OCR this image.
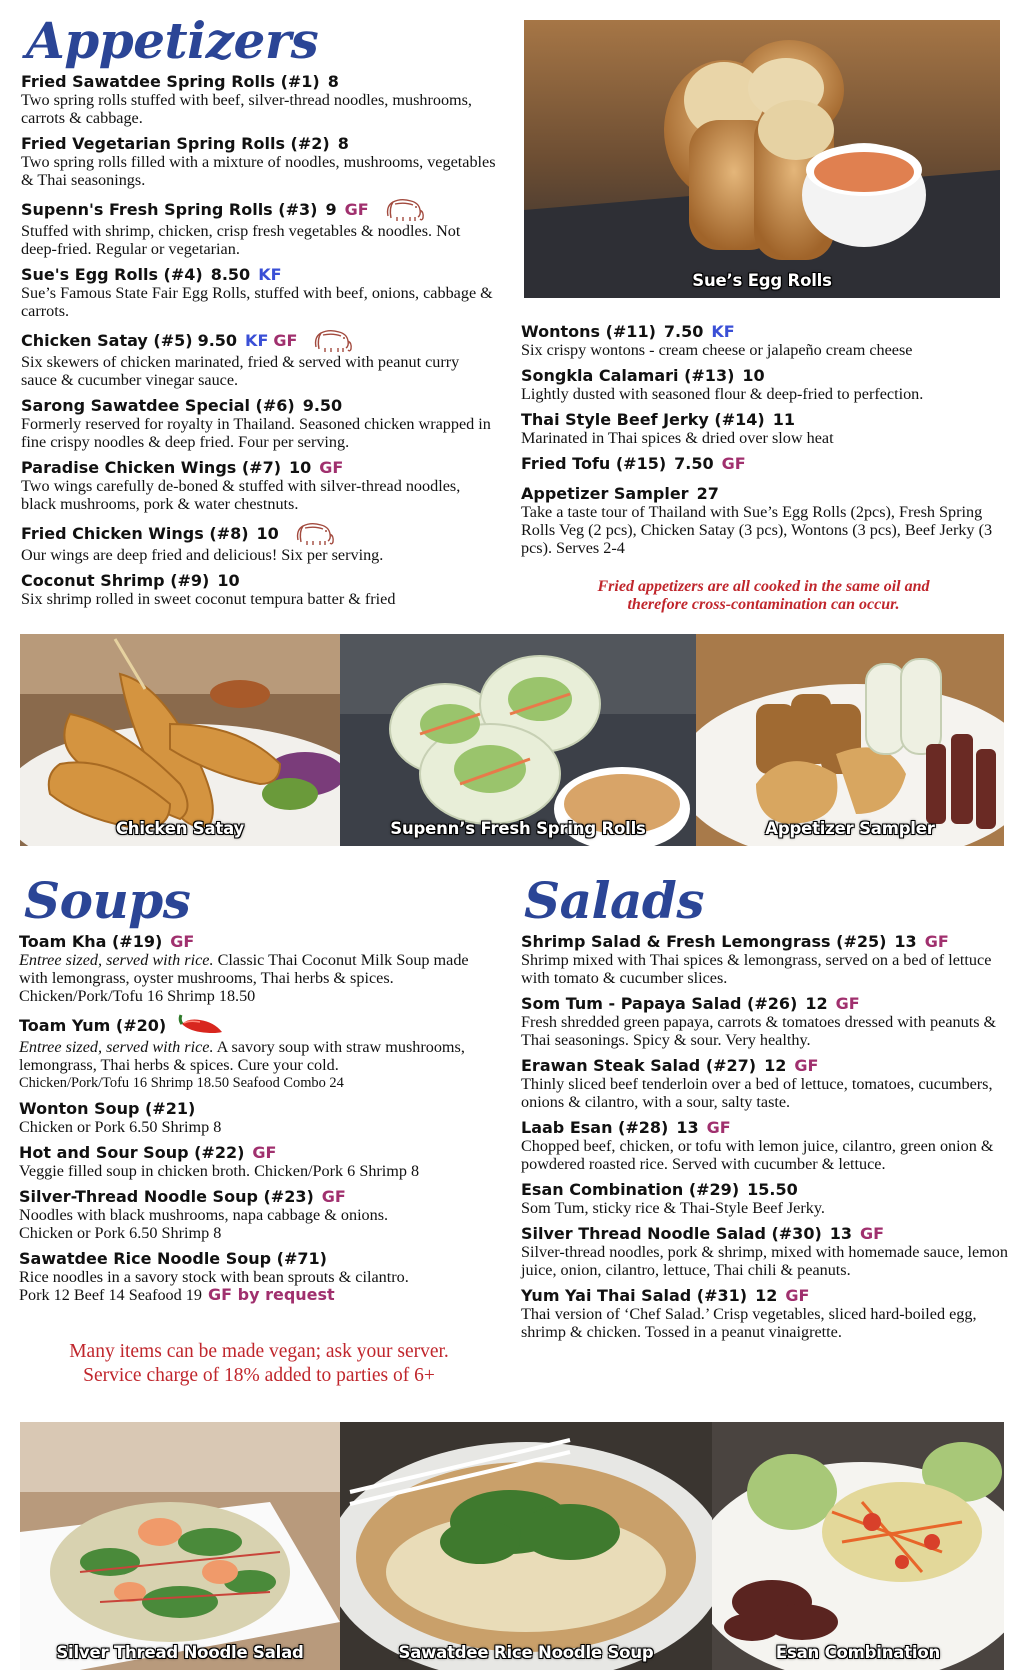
Appetizers
Fried Sawatdee Spring Rolls (#1) 8
Two spring rolls stuffed with beef, silver-thread noodles, mushrooms, carrots & cabbage.
Fried Vegetarian Spring Rolls (#2) 8
Two spring rolls filled with a mixture of noodles, mushrooms, vegetables & Thai seasonings.
Supenn's Fresh Spring Rolls (#3) 9 GF
Stuffed with shrimp, chicken, crisp fresh vegetables & noodles. Not deep-fried. Regular or vegetarian.
Sue's Egg Rolls (#4) 8.50 KF
Sue’s Famous State Fair Egg Rolls, stuffed with beef, onions, cabbage & carrots.
Chicken Satay (#5) 9.50 KF GF
Six skewers of chicken marinated, fried & served with peanut curry sauce & cucumber vinegar sauce.
Sarong Sawatdee Special (#6) 9.50
Formerly reserved for royalty in Thailand. Seasoned chicken wrapped in fine crispy noodles & deep fried. Four per serving.
Paradise Chicken Wings (#7) 10 GF
Two wings carefully de-boned & stuffed with silver-thread noodles, black mushrooms, pork & water chestnuts.
Fried Chicken Wings (#8) 10
Our wings are deep fried and delicious! Six per serving.
Coconut Shrimp (#9) 10
Six shrimp rolled in sweet coconut tempura batter & fried
Sue’s Egg Rolls
Wontons (#11) 7.50 KF
Six crispy wontons - cream cheese or jalapeño cream cheese
Songkla Calamari (#13) 10
Lightly dusted with seasoned flour & deep-fried to perfection.
Thai Style Beef Jerky (#14) 11
Marinated in Thai spices & dried over slow heat
Fried Tofu (#15) 7.50 GF
Appetizer Sampler 27
Take a taste tour of Thailand with Sue’s Egg Rolls (2pcs), Fresh Spring Rolls Veg (2 pcs), Chicken Satay (3 pcs), Wontons (3 pcs), Beef Jerky (3 pcs). Serves 2-4
Fried appetizers are all cooked in the same oil and
therefore cross-contamination can occur.
Chicken Satay	Supenn’s Fresh Spring Rolls	Appetizer Sampler
Soups
Toam Kha (#19) GF
Entree sized, served with rice. Classic Thai Coconut Milk Soup made with lemongrass, oyster mushrooms, Thai herbs & spices.
Chicken/Pork/Tofu 16 Shrimp 18.50
Toam Yum (#20)
Entree sized, served with rice. A savory soup with straw mushrooms, lemongrass, Thai herbs & spices. Cure your cold.
Chicken/Pork/Tofu 16 Shrimp 18.50 Seafood Combo 24
Wonton Soup (#21)
Chicken or Pork 6.50 Shrimp 8
Hot and Sour Soup (#22) GF
Veggie filled soup in chicken broth. Chicken/Pork 6 Shrimp 8
Silver-Thread Noodle Soup (#23) GF
Noodles with black mushrooms, napa cabbage & onions.
Chicken or Pork 6.50 Shrimp 8
Sawatdee Rice Noodle Soup (#71)
Rice noodles in a savory stock with bean sprouts & cilantro.
Pork 12 Beef 14 Seafood 19 GF by request
Many items can be made vegan; ask your server.
Service charge of 18% added to parties of 6+
Salads
Shrimp Salad & Fresh Lemongrass (#25) 13 GF
Shrimp mixed with Thai spices & lemongrass, served on a bed of lettuce with tomato & cucumber slices.
Som Tum - Papaya Salad (#26) 12 GF
Fresh shredded green papaya, carrots & tomatoes dressed with peanuts & Thai seasonings. Spicy & sour. Very healthy.
Erawan Steak Salad (#27) 12 GF
Thinly sliced beef tenderloin over a bed of lettuce, tomatoes, cucumbers, onions & cilantro, with a sour, salty taste.
Laab Esan (#28) 13 GF
Chopped beef, chicken, or tofu with lemon juice, cilantro, green onion & powdered roasted rice. Served with cucumber & lettuce.
Esan Combination (#29) 15.50
Som Tum, sticky rice & Thai-Style Beef Jerky.
Silver Thread Noodle Salad (#30) 13 GF
Silver-thread noodles, pork & shrimp, mixed with homemade sauce, lemon juice, onion, cilantro, lettuce, Thai chili & peanuts.
Yum Yai Thai Salad (#31) 12 GF
Thai version of ‘Chef Salad.’ Crisp vegetables, sliced hard-boiled egg, shrimp & chicken. Tossed in a peanut vinaigrette.
Silver Thread Noodle Salad	Sawatdee Rice Noodle Soup	Esan Combination
